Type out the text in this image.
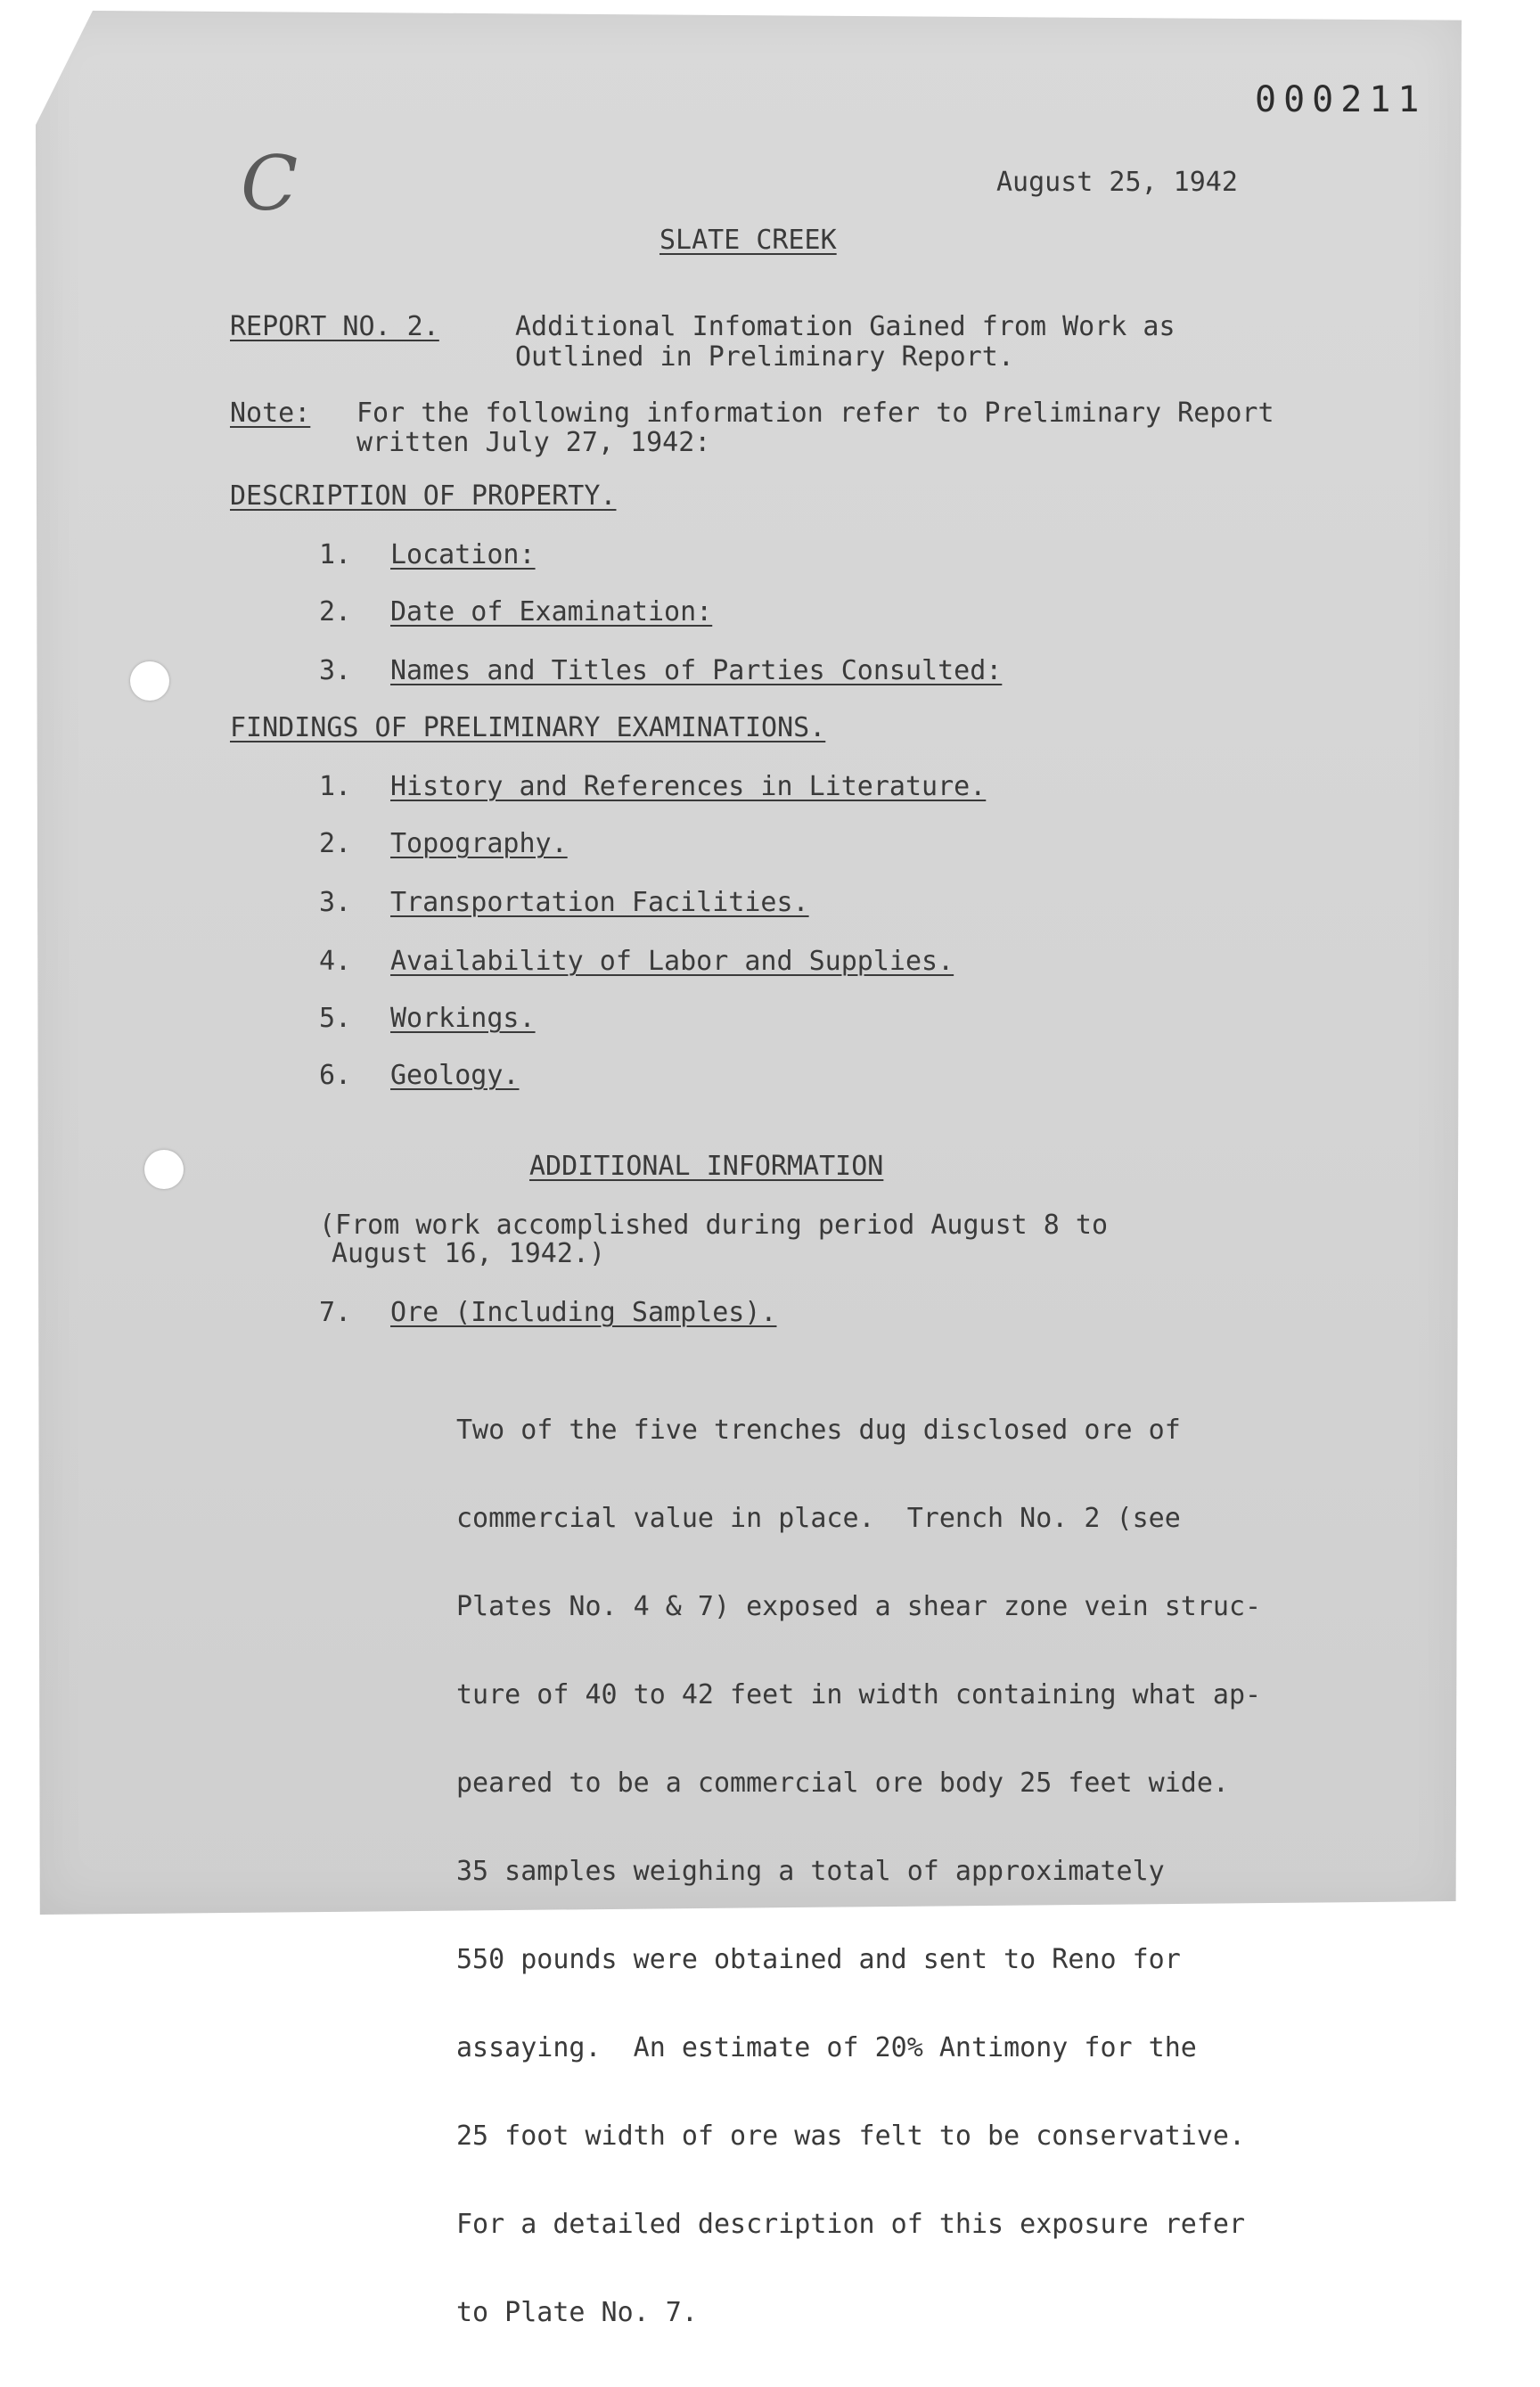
000211
C	August 25, 1942
SLATE CREEK
REPORT NO. 2.	Additional Infomation Gained from Work as
Outlined in Preliminary Report.
Note: For the following information refer to Preliminary Report
written July 27, 1942:
DESCRIPTION OF PROPERTY.
1. Location:
2. Date of Examination:
3. Names and Titles of Parties Consulted:
FINDINGS OF PRELIMINARY EXAMINATIONS.
1. History and References in Literature.
2. Topography.
3. Transportation Facilities.
4. Availability of Labor and Supplies.
5. Workings.
6. Geology.
ADDITIONAL INFORMATION
(From work accomplished during period August 8 to
August 16, 1942.)
7. Ore (Including Samples).

Two of the five trenches dug disclosed ore of

commercial value in place.  Trench No. 2 (see

Plates No. 4 & 7) exposed a shear zone vein struc-

ture of 40 to 42 feet in width containing what ap-

peared to be a commercial ore body 25 feet wide.

35 samples weighing a total of approximately

550 pounds were obtained and sent to Reno for

assaying.  An estimate of 20% Antimony for the

25 foot width of ore was felt to be conservative.

For a detailed description of this exposure refer

to Plate No. 7.
